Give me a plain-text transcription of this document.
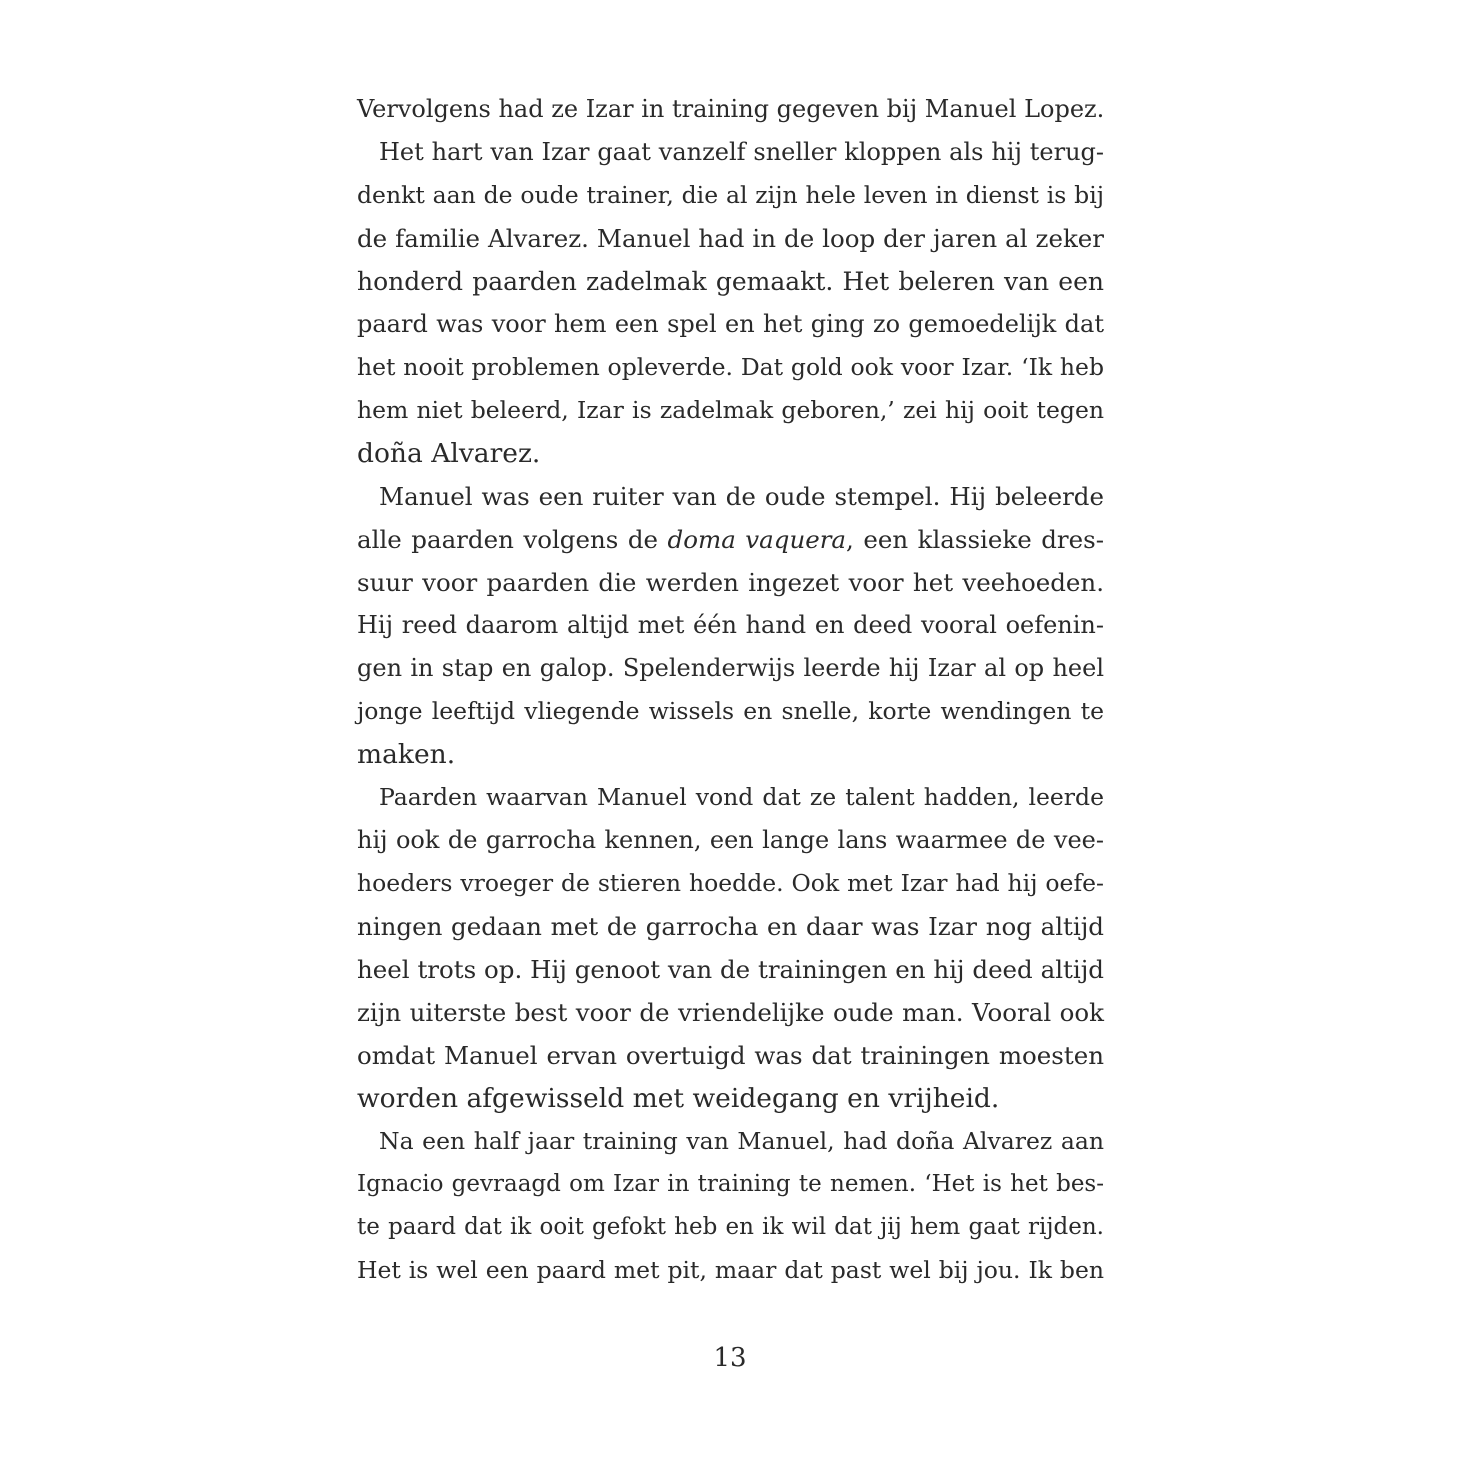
Vervolgens had ze Izar in training gegeven bij Manuel Lopez.
Het hart van Izar gaat vanzelf sneller kloppen als hij terug-
denkt aan de oude trainer, die al zijn hele leven in dienst is bij
de familie Alvarez. Manuel had in de loop der jaren al zeker
honderd paarden zadelmak gemaakt. Het beleren van een
paard was voor hem een spel en het ging zo gemoedelijk dat
het nooit problemen opleverde. Dat gold ook voor Izar. ‘Ik heb
hem niet beleerd, Izar is zadelmak geboren,’ zei hij ooit tegen
doña Alvarez.
Manuel was een ruiter van de oude stempel. Hij beleerde
alle paarden volgens de doma vaquera, een klassieke dres-
suur voor paarden die werden ingezet voor het veehoeden.
Hij reed daarom altijd met één hand en deed vooral oefenin-
gen in stap en galop. Spelenderwijs leerde hij Izar al op heel
jonge leeftijd vliegende wissels en snelle, korte wendingen te
maken.
Paarden waarvan Manuel vond dat ze talent hadden, leerde
hij ook de garrocha kennen, een lange lans waarmee de vee-
hoeders vroeger de stieren hoedde. Ook met Izar had hij oefe-
ningen gedaan met de garrocha en daar was Izar nog altijd
heel trots op. Hij genoot van de trainingen en hij deed altijd
zijn uiterste best voor de vriendelijke oude man. Vooral ook
omdat Manuel ervan overtuigd was dat trainingen moesten
worden afgewisseld met weidegang en vrijheid.
Na een half jaar training van Manuel, had doña Alvarez aan
Ignacio gevraagd om Izar in training te nemen. ‘Het is het bes-
te paard dat ik ooit gefokt heb en ik wil dat jij hem gaat rijden.
Het is wel een paard met pit, maar dat past wel bij jou. Ik ben
13
